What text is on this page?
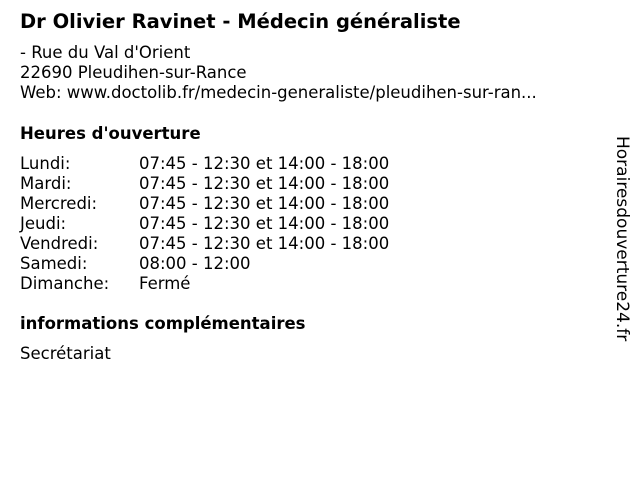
Dr Olivier Ravinet - Médecin généraliste
- Rue du Val d'Orient
22690 Pleudihen-sur-Rance
Web: www.doctolib.fr/medecin-generaliste/pleudihen-sur-ran...
Heures d'ouverture
Lundi:	07:45 - 12:30 et 14:00 - 18:00
Mardi:	07:45 - 12:30 et 14:00 - 18:00
Mercredi:	07:45 - 12:30 et 14:00 - 18:00
Jeudi:	07:45 - 12:30 et 14:00 - 18:00
Vendredi: 07:45 - 12:30 et 14:00 - 18:00
Samedi:	08:00 - 12:00
Dimanche: Fermé
informations complémentaires
Secrétariat
Horairesdouverture24.fr
